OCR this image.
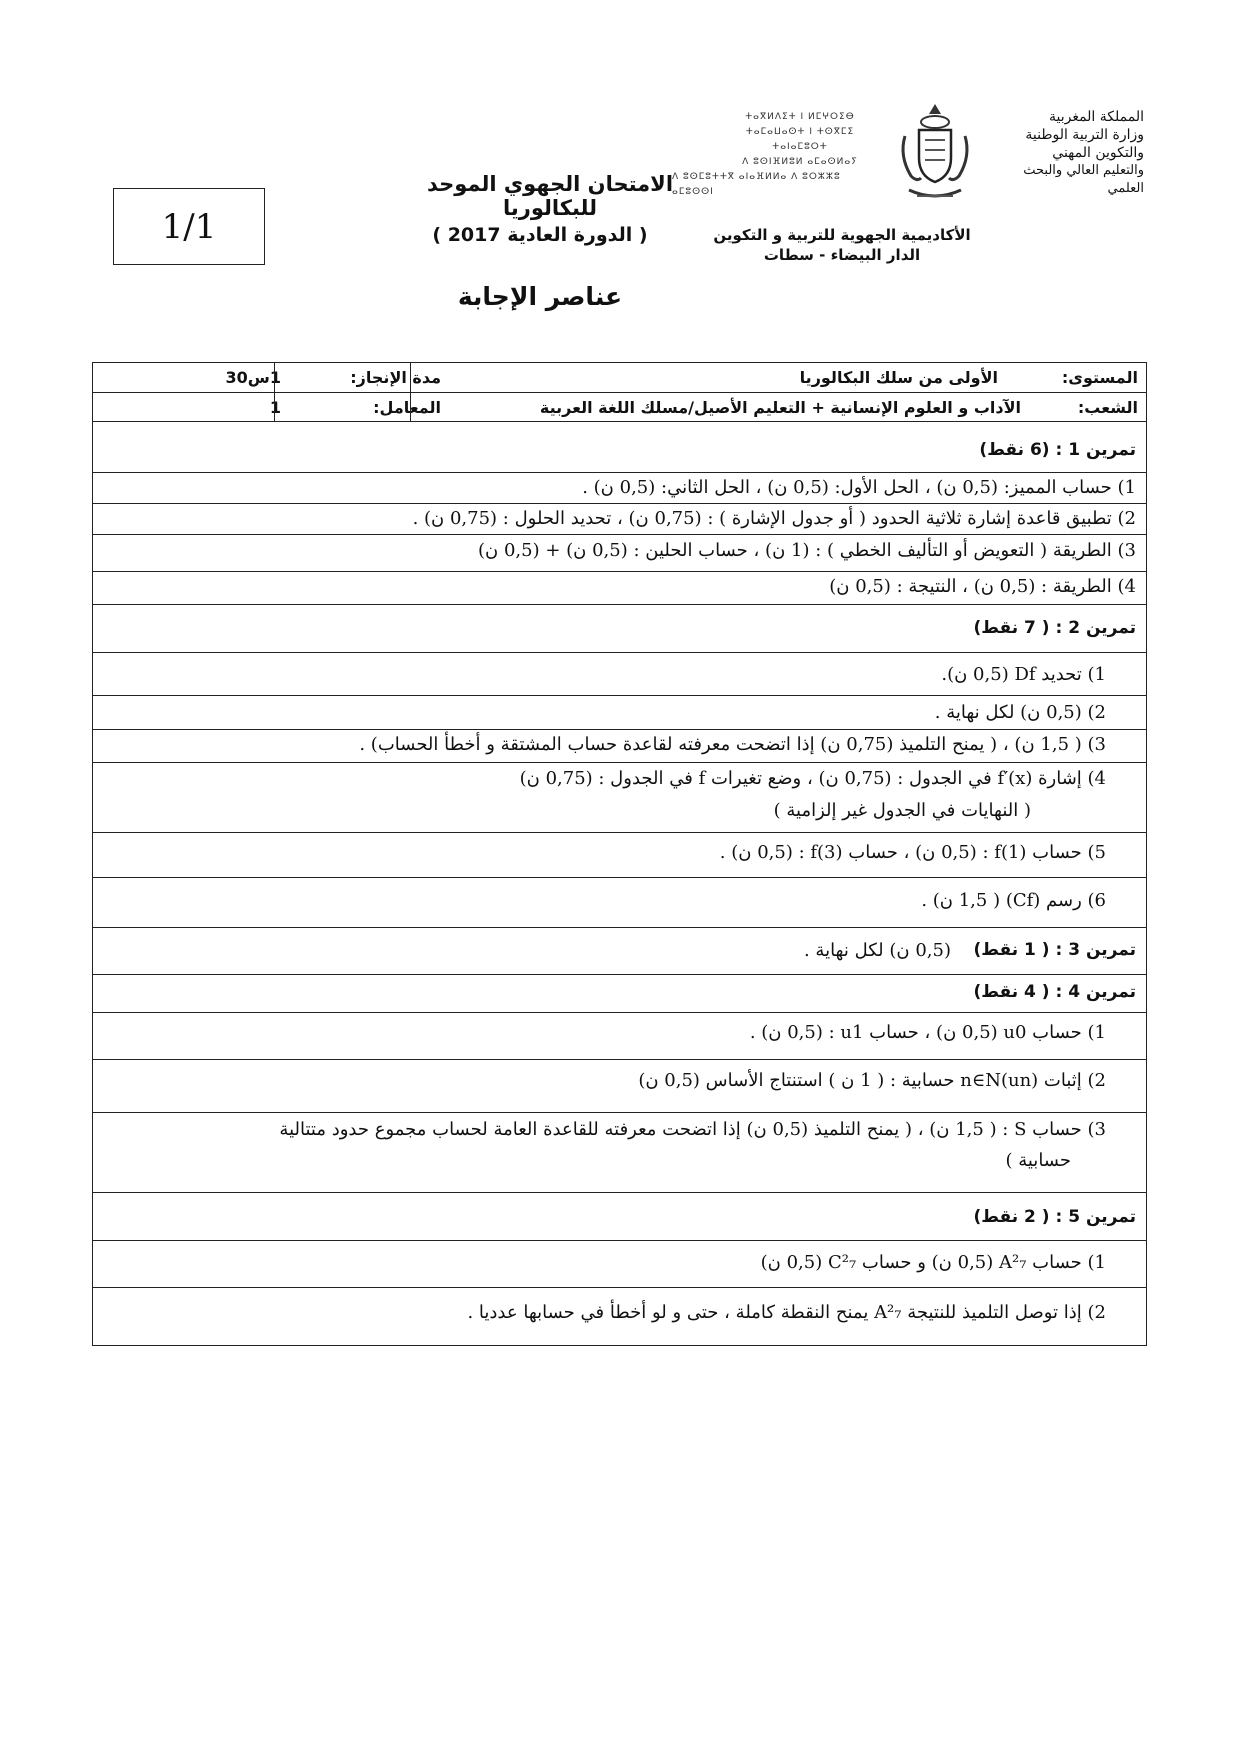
1/1
ⵜⴰⴳⵍⴷⵉⵜ ⵏ ⵍⵎⵖⵔⵉⴱ
ⵜⴰⵎⴰⵡⴰⵙⵜ ⵏ ⵜⵙⴳⵎⵉ ⵜⴰⵏⴰⵎⵓⵔⵜ
ⴷ ⵓⵙⵏⴼⵍⵓⵍ ⴰⵎⴰⵙⵍⴰⵢ
ⴷ ⵓⵙⵎⵓⵜⵜⴳ ⴰⵏⴰⴼⵍⵍⴰ ⴷ ⵓⵔⵣⵣⵓ ⴰⵎⵓⵙⵙⵏ
المملكة المغربية
وزارة التربية الوطنية
والتكوين المهني
والتعليم العالي والبحث العلمي
الأكاديمية الجهوية للتربية و التكوين
الدار البيضاء - سطات
الامتحان الجهوي الموحد للبكالوريا
( الدورة العادية 2017 )
عناصر الإجابة
المستوى:
الأولى من سلك البكالوريا
مدة الإنجاز:
1س30
الشعب:
الآداب و العلوم الإنسانية + التعليم الأصيل/مسلك اللغة العربية
المعامل:
1
تمرين 1 : (6 نقط)
1) حساب المميز: (0,5 ن) ، الحل الأول: (0,5 ن) ، الحل الثاني: (0,5 ن) .
2) تطبيق قاعدة إشارة ثلاثية الحدود ( أو جدول الإشارة ) : (0,75 ن) ، تحديد الحلول : (0,75 ن) .
3) الطريقة ( التعويض أو التأليف الخطي ) : (1 ن) ، حساب الحلين : (0,5 ن) + (0,5 ن)
4) الطريقة : (0,5 ن) ، النتيجة : (0,5 ن)
تمرين 2 : ( 7 نقط)
1) تحديد Df (0,5 ن).
2) (0,5 ن) لكل نهاية .
3) ( 1,5 ن) ، ( يمنح التلميذ (0,75 ن) إذا اتضحت معرفته لقاعدة حساب المشتقة و أخطأ الحساب) .
4) إشارة f′(x) في الجدول : (0,75 ن) ، وضع تغيرات f في الجدول : (0,75 ن)
( النهايات في الجدول غير إلزامية )
5) حساب f(1) : (0,5 ن) ، حساب f(3) : (0,5 ن) .
6) رسم (Cf) ( 1,5 ن) .
تمرين 3 : ( 1 نقط)
(0,5 ن) لكل نهاية .
تمرين 4 : ( 4 نقط)
1) حساب u0 (0,5 ن) ، حساب u1 : (0,5 ن) .
2) إثبات (un)n∈N حسابية : ( 1 ن ) استنتاج الأساس (0,5 ن)
3) حساب S : ( 1,5 ن) ، ( يمنح التلميذ (0,5 ن) إذا اتضحت معرفته للقاعدة العامة لحساب مجموع حدود متتالية
حسابية )
تمرين 5 : ( 2 نقط)
1) حساب A²₇ (0,5 ن) و حساب C²₇ (0,5 ن)
2) إذا توصل التلميذ للنتيجة A²₇ يمنح النقطة كاملة ، حتى و لو أخطأ في حسابها عدديا .
